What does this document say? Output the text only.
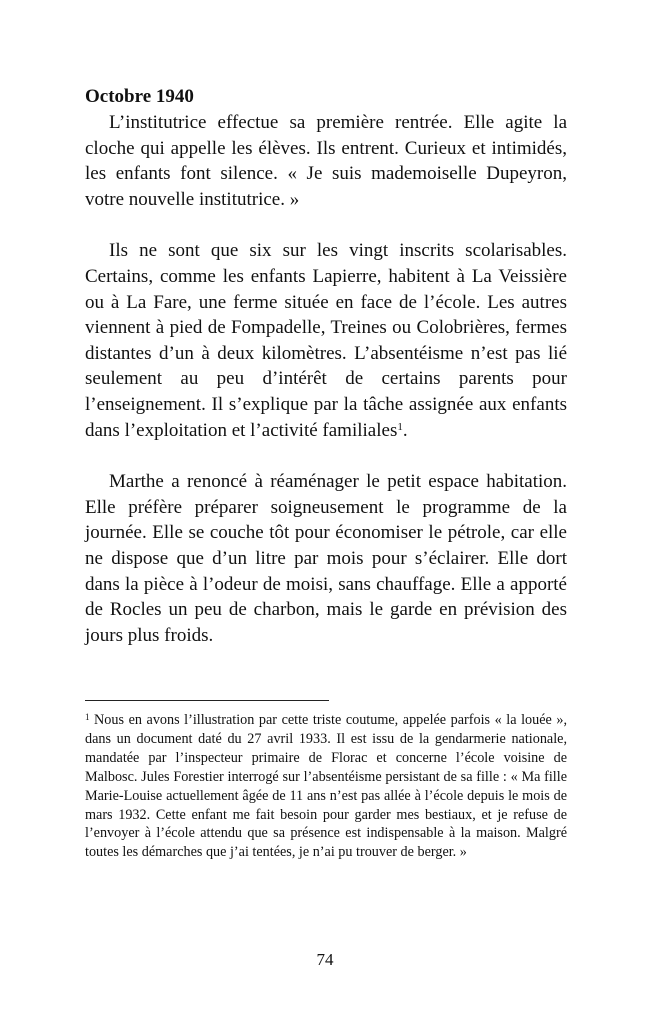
Octobre 1940

L’institutrice effectue sa première rentrée. Elle agite la cloche qui appelle les élèves. Ils entrent. Curieux et intimidés, les enfants font silence. « Je suis mademoiselle Dupeyron, votre nouvelle institutrice. »

Ils ne sont que six sur les vingt inscrits scolarisables. Certains, comme les enfants Lapierre, habitent à La Veissière ou à La Fare, une ferme située en face de l’école. Les autres viennent à pied de Fompadelle, Treines ou Colobrières, fermes distantes d’un à deux kilomètres. L’absentéisme n’est pas lié seulement au peu d’intérêt de certains parents pour l’enseignement. Il s’explique par la tâche assignée aux enfants dans l’exploitation et l’activité familiales$^1$.

Marthe a renoncé à réaménager le petit espace habitation. Elle préfère préparer soigneusement le programme de la journée. Elle se couche tôt pour économiser le pétrole, car elle ne dispose que d’un litre par mois pour s’éclairer. Elle dort dans la pièce à l’odeur de moisi, sans chauffage. Elle a apporté de Rocles un peu de charbon, mais le garde en prévision des jours plus froids.

$^1$ Nous en avons l’illustration par cette triste coutume, appelée parfois « la louée », dans un document daté du 27 avril 1933. Il est issu de la gendarmerie nationale, mandatée par l’inspecteur primaire de Florac et concerne l’école voisine de Malbosc. Jules Forestier interrogé sur l’absentéisme persistant de sa fille : « Ma fille Marie-Louise actuellement âgée de 11 ans n’est pas allée à l’école depuis le mois de mars 1932. Cette enfant me fait besoin pour garder mes bestiaux, et je refuse de l’envoyer à l’école attendu que sa présence est indispensable à la maison. Malgré toutes les démarches que j’ai tentées, je n’ai pu trouver de berger. »

74
